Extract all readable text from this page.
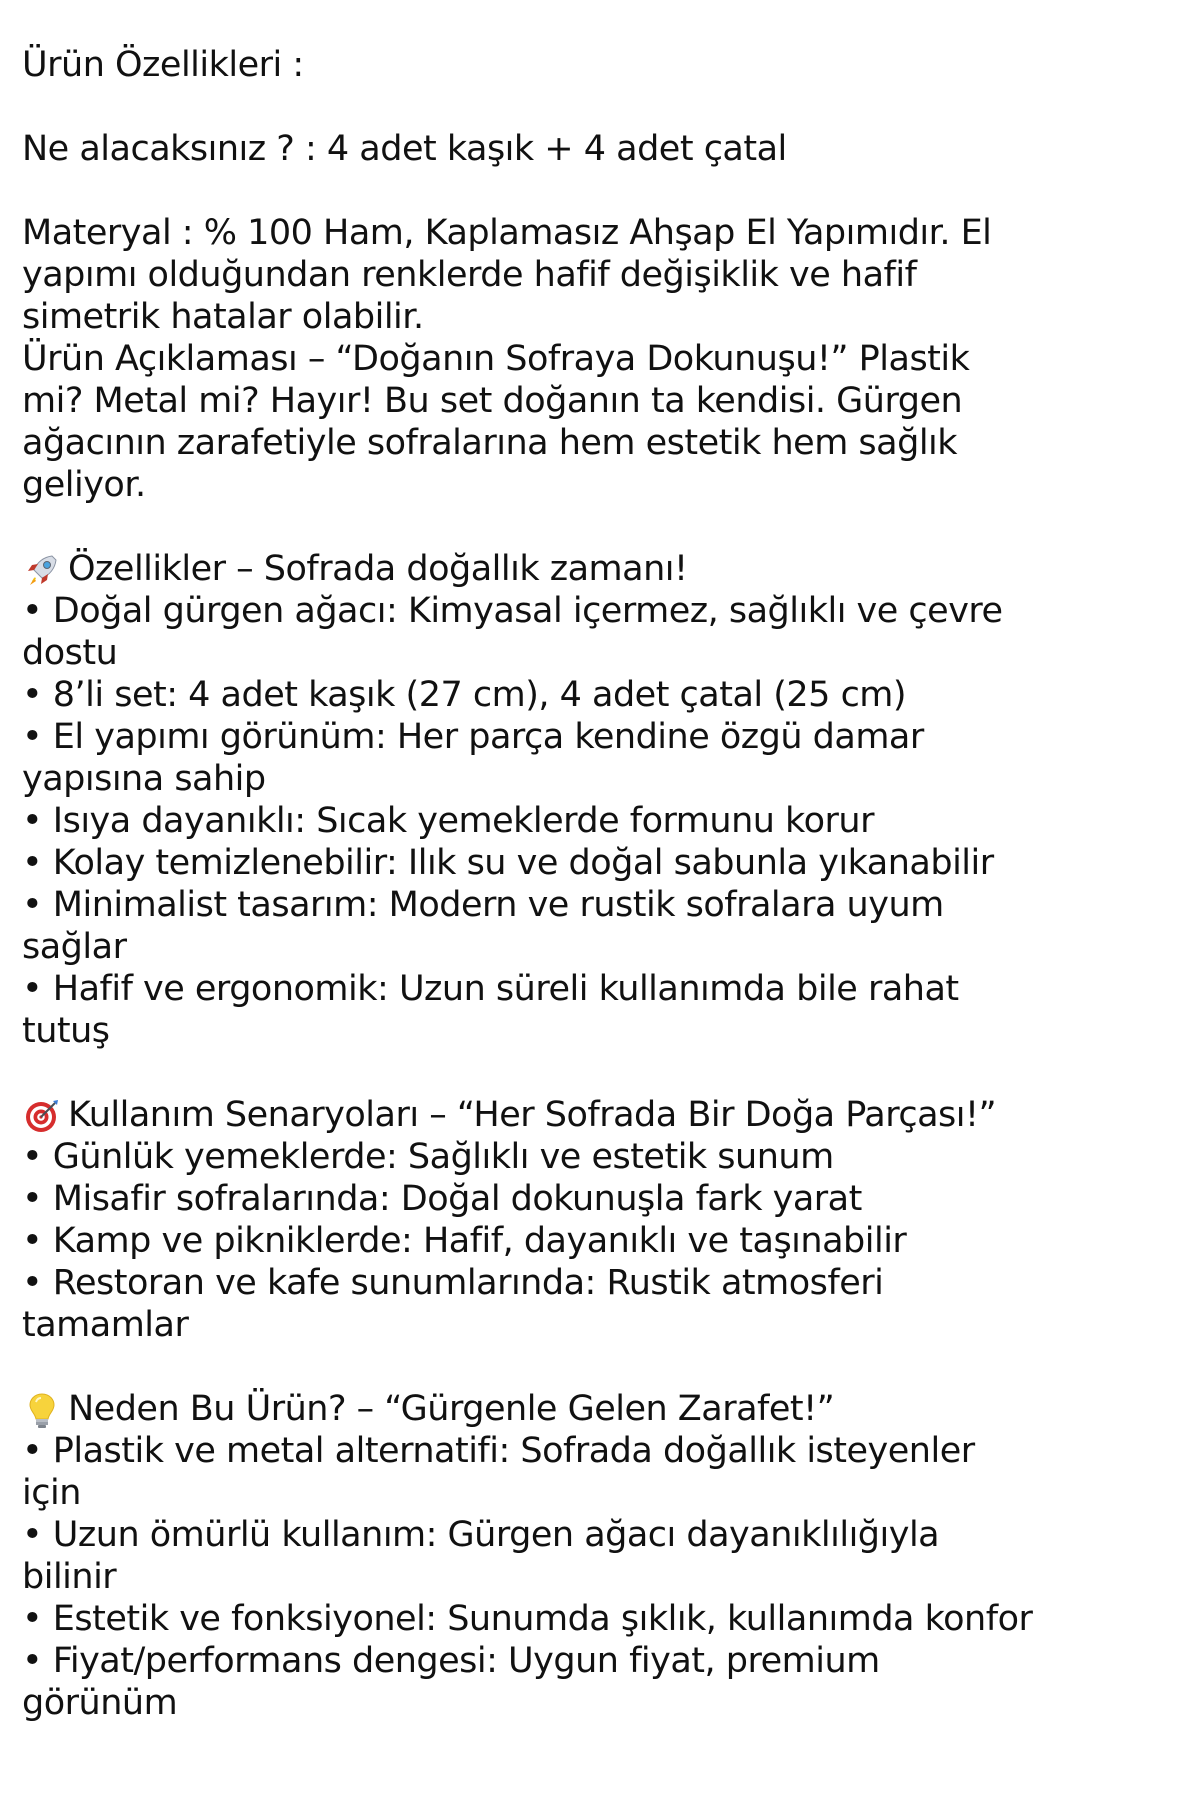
Ürün Özellikleri :
Ne alacaksınız ? : 4 adet kaşık + 4 adet çatal
Materyal : % 100 Ham, Kaplamasız Ahşap El Yapımıdır. El
yapımı olduğundan renklerde hafif değişiklik ve hafif
simetrik hatalar olabilir.
Ürün Açıklaması – “Doğanın Sofraya Dokunuşu!” Plastik
mi? Metal mi? Hayır! Bu set doğanın ta kendisi. Gürgen
ağacının zarafetiyle sofralarına hem estetik hem sağlık
geliyor.
Özellikler – Sofrada doğallık zamanı!
• Doğal gürgen ağacı: Kimyasal içermez, sağlıklı ve çevre
dostu
• 8’li set: 4 adet kaşık (27 cm), 4 adet çatal (25 cm)
• El yapımı görünüm: Her parça kendine özgü damar
yapısına sahip
• Isıya dayanıklı: Sıcak yemeklerde formunu korur
• Kolay temizlenebilir: Ilık su ve doğal sabunla yıkanabilir
• Minimalist tasarım: Modern ve rustik sofralara uyum
sağlar
• Hafif ve ergonomik: Uzun süreli kullanımda bile rahat
tutuş
Kullanım Senaryoları – “Her Sofrada Bir Doğa Parçası!”
• Günlük yemeklerde: Sağlıklı ve estetik sunum
• Misafir sofralarında: Doğal dokunuşla fark yarat
• Kamp ve pikniklerde: Hafif, dayanıklı ve taşınabilir
• Restoran ve kafe sunumlarında: Rustik atmosferi
tamamlar
Neden Bu Ürün? – “Gürgenle Gelen Zarafet!”
• Plastik ve metal alternatifi: Sofrada doğallık isteyenler
için
• Uzun ömürlü kullanım: Gürgen ağacı dayanıklılığıyla
bilinir
• Estetik ve fonksiyonel: Sunumda şıklık, kullanımda konfor
• Fiyat/performans dengesi: Uygun fiyat, premium
görünüm
